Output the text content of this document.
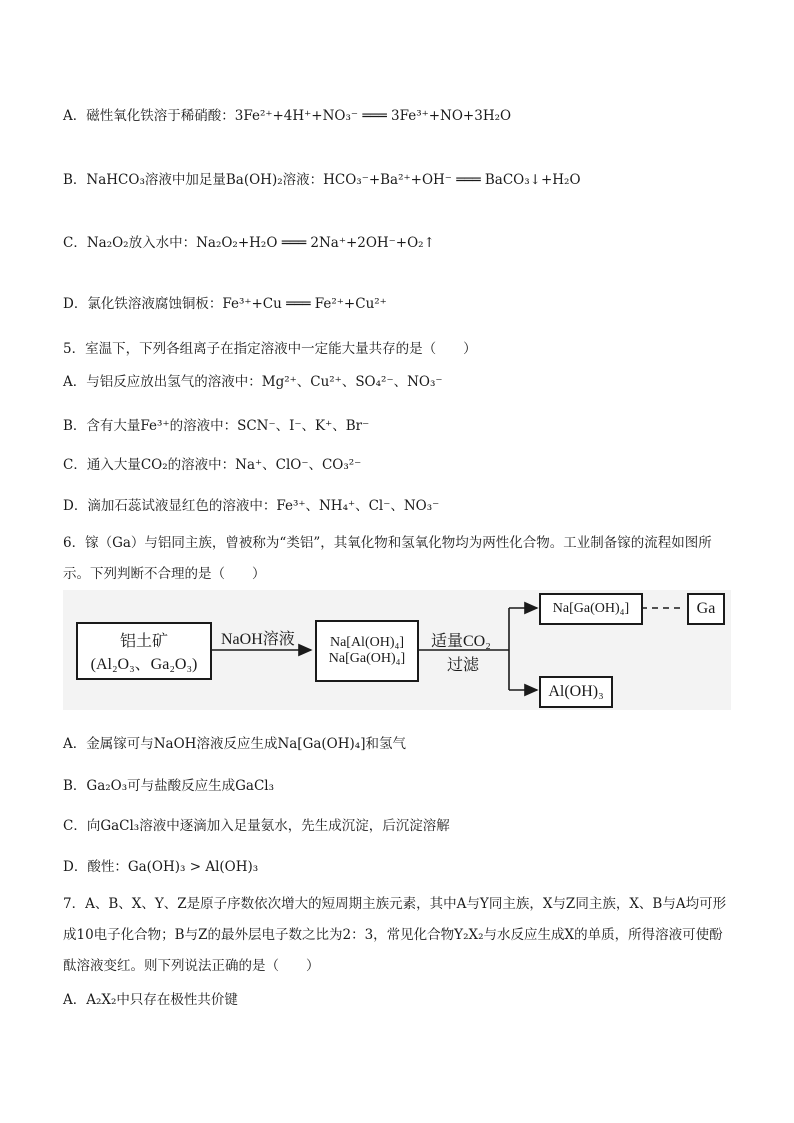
A．磁性氧化铁溶于稀硝酸：3Fe²⁺+4H⁺+NO₃⁻ ═══ 3Fe³⁺+NO+3H₂O
B．NaHCO₃溶液中加足量Ba(OH)₂溶液：HCO₃⁻+Ba²⁺+OH⁻ ═══ BaCO₃↓+H₂O
C．Na₂O₂放入水中：Na₂O₂+H₂O ═══ 2Na⁺+2OH⁻+O₂↑
D．氯化铁溶液腐蚀铜板：Fe³⁺+Cu ═══ Fe²⁺+Cu²⁺
5．室温下，下列各组离子在指定溶液中一定能大量共存的是（　　）
A．与铝反应放出氢气的溶液中：Mg²⁺、Cu²⁺、SO₄²⁻、NO₃⁻
B．含有大量Fe³⁺的溶液中：SCN⁻、I⁻、K⁺、Br⁻
C．通入大量CO₂的溶液中：Na⁺、ClO⁻、CO₃²⁻
D．滴加石蕊试液显红色的溶液中：Fe³⁺、NH₄⁺、Cl⁻、NO₃⁻
6．镓（Ga）与铝同主族，曾被称为“类铝”，其氧化物和氢氧化物均为两性化合物。工业制备镓的流程如图所示。下列判断不合理的是（　　）
铝土矿
(Al₂O₃、Ga₂O₃)
NaOH溶液	Na[Al(OH)₄]
Na[Ga(OH)₄]
适量CO₂
过滤
Na[Ga(OH)₄]	Ga
Al(OH)₃
A．金属镓可与NaOH溶液反应生成Na[Ga(OH)₄]和氢气
B．Ga₂O₃可与盐酸反应生成GaCl₃
C．向GaCl₃溶液中逐滴加入足量氨水，先生成沉淀，后沉淀溶解
D．酸性：Ga(OH)₃ > Al(OH)₃
7．A、B、X、Y、Z是原子序数依次增大的短周期主族元素，其中A与Y同主族，X与Z同主族，X、B与A均可形成10电子化合物；B与Z的最外层电子数之比为2：3，常见化合物Y₂X₂与水反应生成X的单质，所得溶液可使酚酞溶液变红。则下列说法正确的是（　　）
A．A₂X₂中只存在极性共价键
